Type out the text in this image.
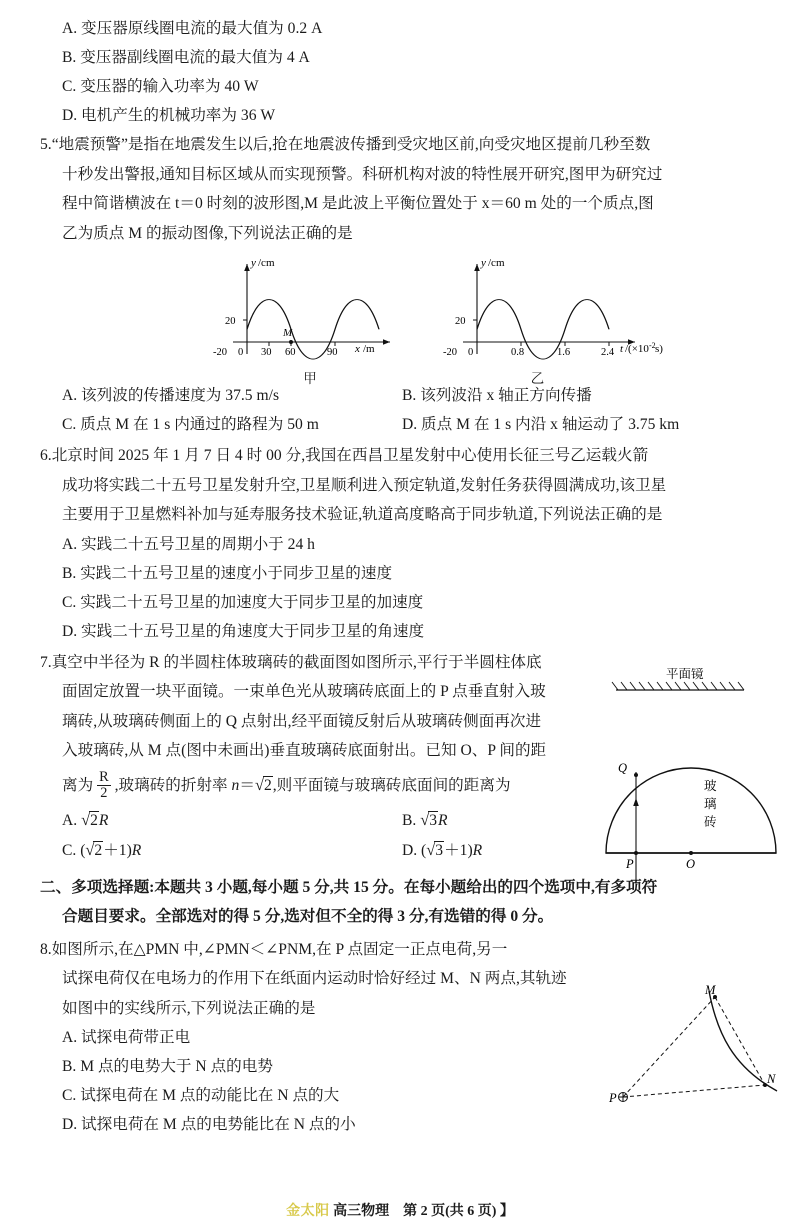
A. 变压器原线圈电流的最大值为 0.2 A
B. 变压器副线圈电流的最大值为 4 A
C. 变压器的输入功率为 40 W
D. 电机产生的机械功率为 36 W
5.“地震预警”是指在地震发生以后,抢在地震波传播到受灾地区前,向受灾地区提前几秒至数
十秒发出警报,通知目标区域从而实现预警。科研机构对波的特性展开研究,图甲为研究过
程中简谐横波在 t＝0 时刻的波形图,M 是此波上平衡位置处于 x＝60 m 处的一个质点,图
乙为质点 M 的振动图像,下列说法正确的是
20
-20 0 30 60	90 x /m
y /cm
M
甲
20
-20 0	0.8	1.6	2.4 t /(×10 -2 s)
y /cm
乙
A. 该列波的传播速度为 37.5 m/s	B. 该列波沿 x 轴正方向传播
C. 质点 M 在 1 s 内通过的路程为 50 m	D. 质点 M 在 1 s 内沿 x 轴运动了 3.75 km
6.北京时间 2025 年 1 月 7 日 4 时 00 分,我国在西昌卫星发射中心使用长征三号乙运载火箭
成功将实践二十五号卫星发射升空,卫星顺利进入预定轨道,发射任务获得圆满成功,该卫星
主要用于卫星燃料补加与延寿服务技术验证,轨道高度略高于同步轨道,下列说法正确的是
A. 实践二十五号卫星的周期小于 24 h
B. 实践二十五号卫星的速度小于同步卫星的速度
C. 实践二十五号卫星的加速度大于同步卫星的加速度
D. 实践二十五号卫星的角速度大于同步卫星的角速度
7.真空中半径为 R 的半圆柱体玻璃砖的截面图如图所示,平行于半圆柱体底
面固定放置一块平面镜。一束单色光从玻璃砖底面上的 P 点垂直射入玻
璃砖,从玻璃砖侧面上的 Q 点射出,经平面镜反射后从玻璃砖侧面再次进
入玻璃砖,从 M 点(图中未画出)垂直玻璃砖底面射出。已知 O、P 间的距
离为 $\frac{R}{2}$ ,玻璃砖的折射率 n＝√2,则平面镜与玻璃砖底面间的距离为
A. √2R	B. √3R
C. (√2＋1)R	D. (√3＋1)R
二、多项选择题:本题共 3 小题,每小题 5 分,共 15 分。在每小题给出的四个选项中,有多项符
合题目要求。全部选对的得 5 分,选对但不全的得 3 分,有选错的得 0 分。
8.如图所示,在△PMN 中,∠PMN＜∠PNM,在 P 点固定一正点电荷,另一
试探电荷仅在电场力的作用下在纸面内运动时恰好经过 M、N 两点,其轨迹
如图中的实线所示,下列说法正确的是
A. 试探电荷带正电
B. M 点的电势大于 N 点的电势
C. 试探电荷在 M 点的动能比在 N 点的大
D. 试探电荷在 M 点的电势能比在 N 点的小
平面镜
Q
P	O
玻
璃
砖
P
M
N
金太阳 高三物理 第 2 页(共 6 页) 】
